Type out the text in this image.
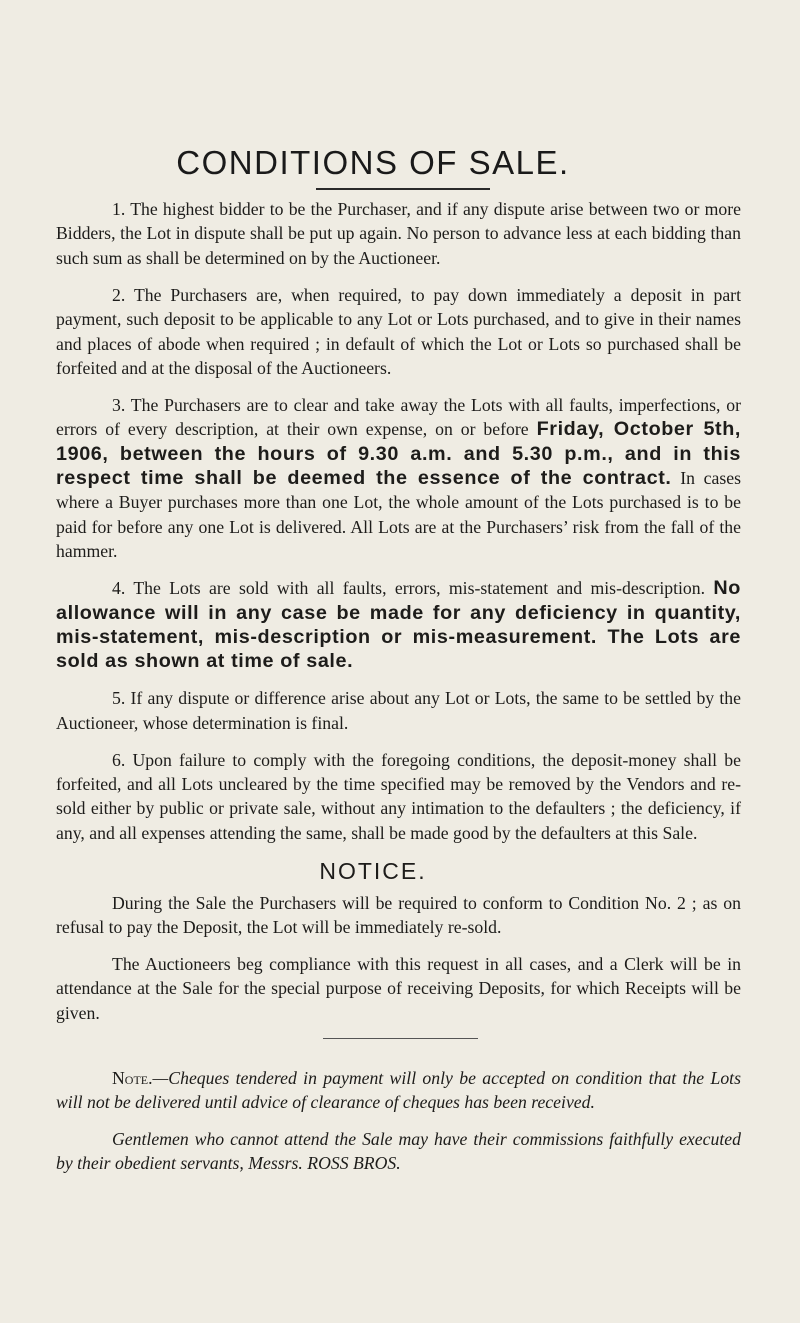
CONDITIONS OF SALE.

1. The highest bidder to be the Purchaser, and if any dispute arise between two or more Bidders, the Lot in dispute shall be put up again. No person to advance less at each bidding than such sum as shall be determined on by the Auctioneer.

2. The Purchasers are, when required, to pay down immediately a deposit in part payment, such deposit to be applicable to any Lot or Lots purchased, and to give in their names and places of abode when required ; in default of which the Lot or Lots so purchased shall be forfeited and at the disposal of the Auctioneers.

3. The Purchasers are to clear and take away the Lots with all faults, imperfections, or errors of every description, at their own expense, on or before Friday, October 5th, 1906, between the hours of 9.30 a.m. and 5.30 p.m., and in this respect time shall be deemed the essence of the contract. In cases where a Buyer purchases more than one Lot, the whole amount of the Lots purchased is to be paid for before any one Lot is delivered. All Lots are at the Purchasers’ risk from the fall of the hammer.

4. The Lots are sold with all faults, errors, mis-statement and mis-description. No allowance will in any case be made for any deficiency in quantity, mis-statement, mis-description or mis-measurement. The Lots are sold as shown at time of sale.

5. If any dispute or difference arise about any Lot or Lots, the same to be settled by the Auctioneer, whose determination is final.

6. Upon failure to comply with the foregoing conditions, the deposit-money shall be forfeited, and all Lots uncleared by the time specified may be removed by the Vendors and re-sold either by public or private sale, without any intimation to the defaulters ; the deficiency, if any, and all expenses attending the same, shall be made good by the defaulters at this Sale.

NOTICE.

During the Sale the Purchasers will be required to conform to Condition No. 2 ; as on refusal to pay the Deposit, the Lot will be immediately re-sold.

The Auctioneers beg compliance with this request in all cases, and a Clerk will be in attendance at the Sale for the special purpose of receiving Deposits, for which Receipts will be given.

Note.—Cheques tendered in payment will only be accepted on condition that the Lots will not be delivered until advice of clearance of cheques has been received.

Gentlemen who cannot attend the Sale may have their commissions faithfully executed by their obedient servants, Messrs. ROSS BROS.
